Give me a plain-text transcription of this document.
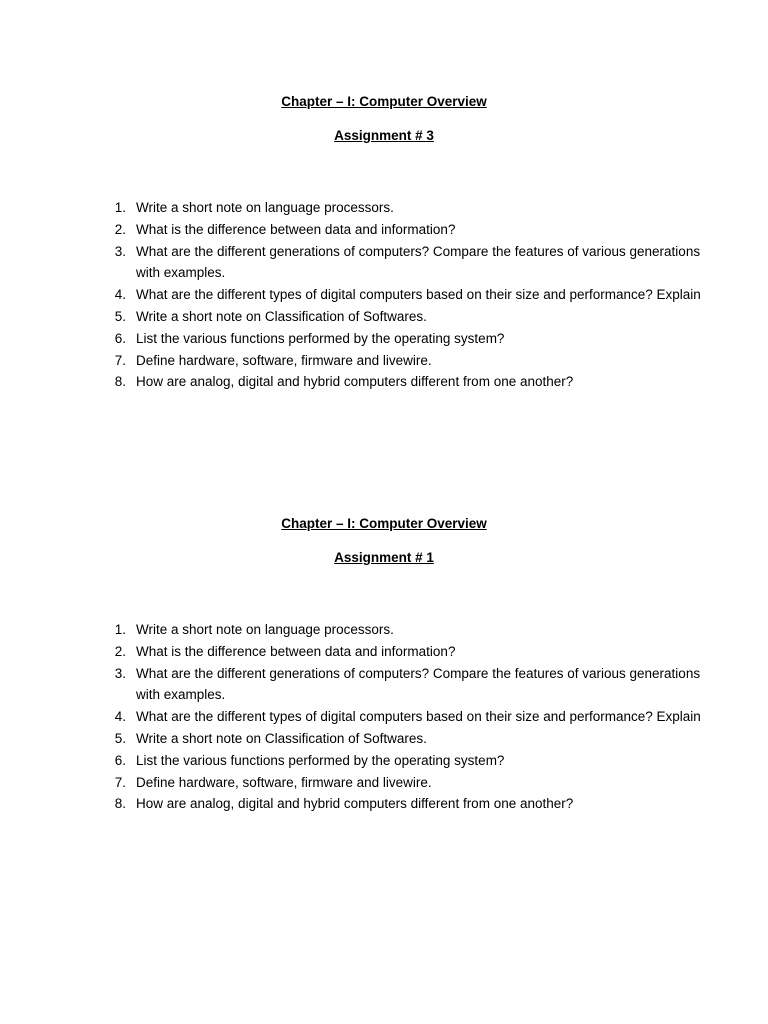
Chapter – I: Computer Overview

Assignment # 3

1. Write a short note on language processors.
2. What is the difference between data and information?
3. What are the different generations of computers? Compare the features of various generations with examples.
4. What are the different types of digital computers based on their size and performance? Explain
5. Write a short note on Classification of Softwares.
6. List the various functions performed by the operating system?
7. Define hardware, software, firmware and livewire.
8. How are analog, digital and hybrid computers different from one another?

Chapter – I: Computer Overview

Assignment # 1

1. Write a short note on language processors.
2. What is the difference between data and information?
3. What are the different generations of computers? Compare the features of various generations with examples.
4. What are the different types of digital computers based on their size and performance? Explain
5. Write a short note on Classification of Softwares.
6. List the various functions performed by the operating system?
7. Define hardware, software, firmware and livewire.
8. How are analog, digital and hybrid computers different from one another?
